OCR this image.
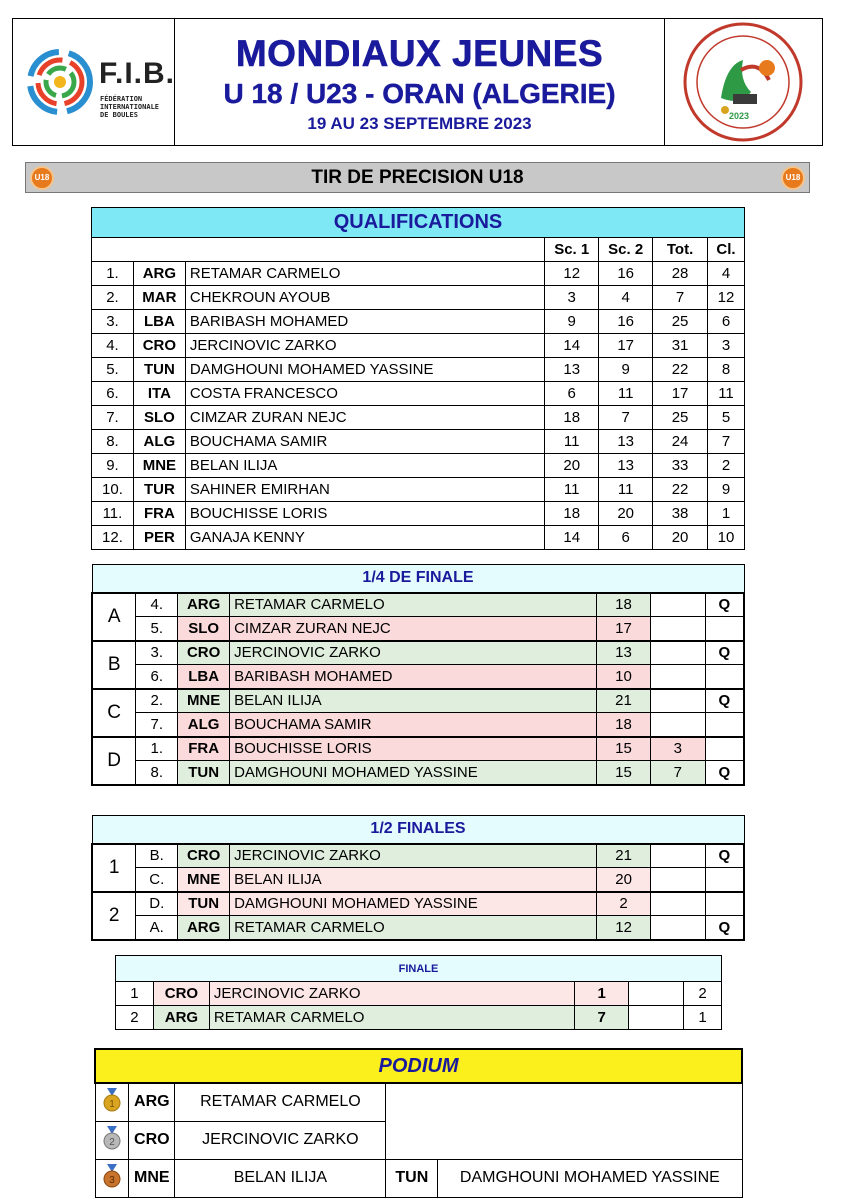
F.I.B.
FÉDÉRATION
INTERNATIONALE
DE BOULES
MONDIAUX JEUNES
U 18 / U23 - ORAN (ALGERIE)
19 AU 23 SEPTEMBRE 2023	2023
U18	TIR DE PRECISION U18	U18
QUALIFICATIONS						
			Sc. 1	Sc. 2	Tot.	Cl.
1.	ARG	RETAMAR CARMELO	12	16	28	4
2.	MAR	CHEKROUN AYOUB	3	4	7	12
3.	LBA	BARIBASH MOHAMED	9	16	25	6
4.	CRO	JERCINOVIC ZARKO	14	17	31	3
5.	TUN	DAMGHOUNI MOHAMED YASSINE	13	9	22	8
6.	ITA	COSTA FRANCESCO	6	11	17	11
7.	SLO	CIMZAR ZURAN NEJC	18	7	25	5
8.	ALG	BOUCHAMA SAMIR	11	13	24	7
9.	MNE	BELAN ILIJA	20	13	33	2
10.	TUR	SAHINER EMIRHAN	11	11	22	9
11.	FRA	BOUCHISSE LORIS	18	20	38	1
12.	PER	GANAJA KENNY	14	6	20	10
1/4 DE FINALE						
A	4.	ARG	RETAMAR CARMELO	18		Q
	5.	SLO	CIMZAR ZURAN NEJC	17		
B	3.	CRO	JERCINOVIC ZARKO	13		Q
	6.	LBA	BARIBASH MOHAMED	10		
C	2.	MNE	BELAN ILIJA	21		Q
	7.	ALG	BOUCHAMA SAMIR	18		
D	1.	FRA	BOUCHISSE LORIS	15	3	
	8.	TUN	DAMGHOUNI MOHAMED YASSINE	15	7	Q
1/2 FINALES						
1	B.	CRO	JERCINOVIC ZARKO	21		Q
	C.	MNE	BELAN ILIJA	20		
2	D.	TUN	DAMGHOUNI MOHAMED YASSINE	2		
	A.	ARG	RETAMAR CARMELO	12		Q
FINALE					
1	CRO	JERCINOVIC ZARKO	1		2
2	ARG	RETAMAR CARMELO	7		1
PODIUM				

1	ARG	RETAMAR CARMELO		

2	CRO	JERCINOVIC ZARKO		

3	MNE	BELAN ILIJA	TUN	DAMGHOUNI MOHAMED YASSINE
